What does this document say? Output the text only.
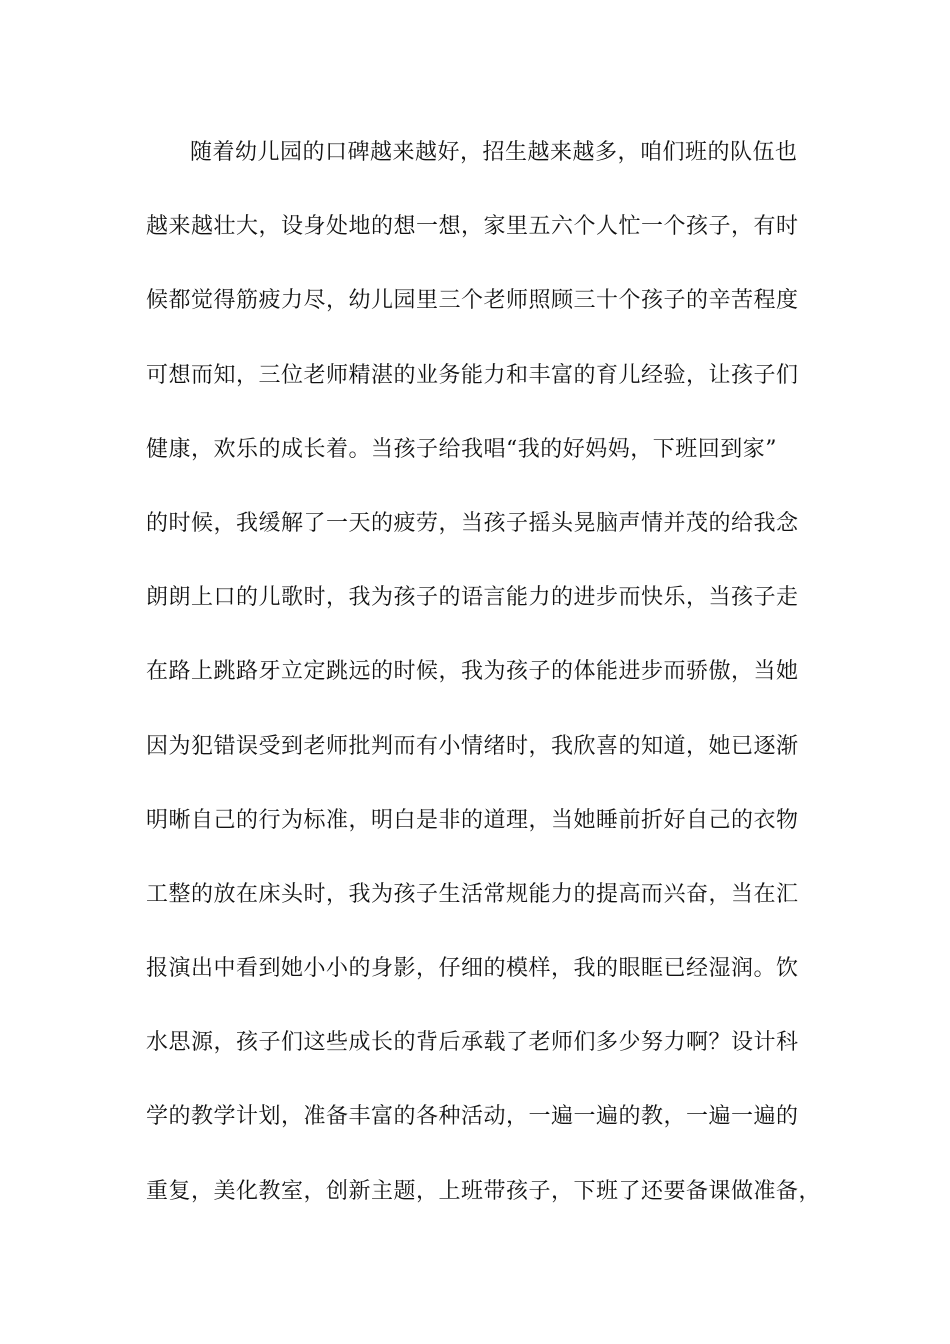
随着幼儿园的口碑越来越好，招生越来越多，咱们班的队伍也
越来越壮大，设身处地的想一想，家里五六个人忙一个孩子，有时
候都觉得筋疲力尽，幼儿园里三个老师照顾三十个孩子的辛苦程度
可想而知，三位老师精湛的业务能力和丰富的育儿经验，让孩子们
健康，欢乐的成长着。当孩子给我唱“我的好妈妈，下班回到家”
的时候，我缓解了一天的疲劳，当孩子摇头晃脑声情并茂的给我念
朗朗上口的儿歌时，我为孩子的语言能力的进步而快乐，当孩子走
在路上跳路牙立定跳远的时候，我为孩子的体能进步而骄傲，当她
因为犯错误受到老师批判而有小情绪时，我欣喜的知道，她已逐渐
明晰自己的行为标准，明白是非的道理，当她睡前折好自己的衣物
工整的放在床头时，我为孩子生活常规能力的提高而兴奋，当在汇
报演出中看到她小小的身影，仔细的模样，我的眼眶已经湿润。饮
水思源，孩子们这些成长的背后承载了老师们多少努力啊？设计科
学的教学计划，准备丰富的各种活动，一遍一遍的教，一遍一遍的
重复，美化教室，创新主题，上班带孩子，下班了还要备课做准备，
